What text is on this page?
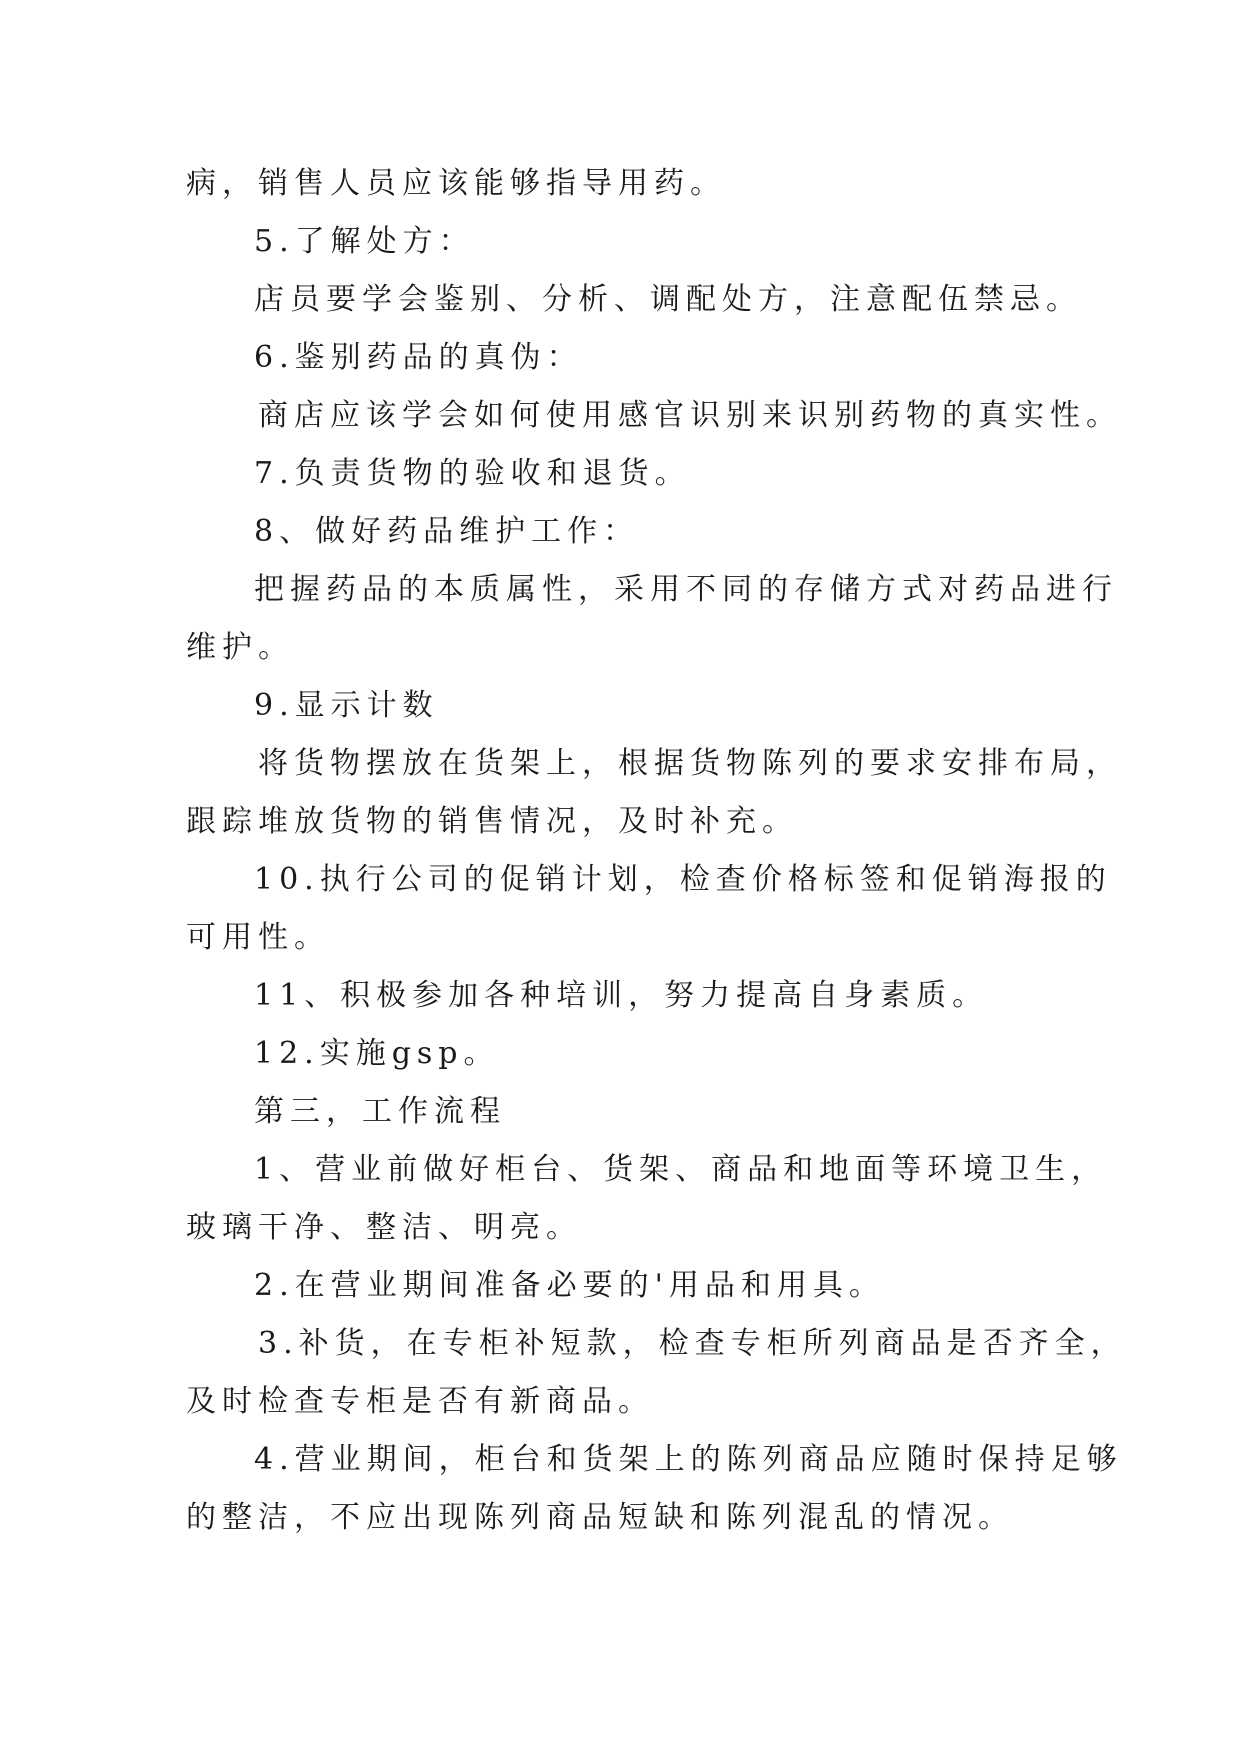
病，销售人员应该能够指导用药。
5.了解处方：
店员要学会鉴别、分析、调配处方，注意配伍禁忌。
6.鉴别药品的真伪：
商店应该学会如何使用感官识别来识别药物的真实性。
7.负责货物的验收和退货。
8、做好药品维护工作：
把握药品的本质属性，采用不同的存储方式对药品进行
维护。
9.显示计数
将货物摆放在货架上，根据货物陈列的要求安排布局，
跟踪堆放货物的销售情况，及时补充。
10.执行公司的促销计划，检查价格标签和促销海报的
可用性。
11、积极参加各种培训，努力提高自身素质。
12.实施gsp。
第三，工作流程
1、营业前做好柜台、货架、商品和地面等环境卫生，
玻璃干净、整洁、明亮。
2.在营业期间准备必要的'用品和用具。
3.补货，在专柜补短款，检查专柜所列商品是否齐全，
及时检查专柜是否有新商品。
4.营业期间，柜台和货架上的陈列商品应随时保持足够
的整洁，不应出现陈列商品短缺和陈列混乱的情况。
